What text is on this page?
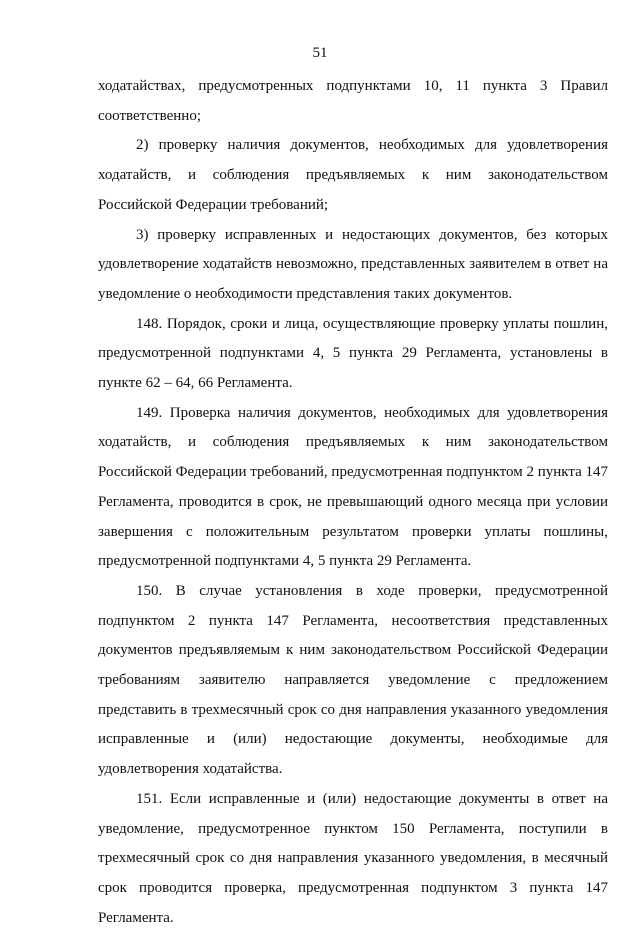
51

ходатайствах, предусмотренных подпунктами 10, 11 пункта 3 Правил соответственно;

2) проверку наличия документов, необходимых для удовлетворения ходатайств, и соблюдения предъявляемых к ним законодательством Российской Федерации требований;

3) проверку исправленных и недостающих документов, без которых удовлетворение ходатайств невозможно, представленных заявителем в ответ на уведомление о необходимости представления таких документов.

148. Порядок, сроки и лица, осуществляющие проверку уплаты пошлин, предусмотренной подпунктами 4, 5 пункта 29 Регламента, установлены в пункте 62 – 64, 66 Регламента.

149. Проверка наличия документов, необходимых для удовлетворения ходатайств, и соблюдения предъявляемых к ним законодательством Российской Федерации требований, предусмотренная подпунктом 2 пункта 147 Регламента, проводится в срок, не превышающий одного месяца при условии завершения с положительным результатом проверки уплаты пошлины, предусмотренной подпунктами 4, 5 пункта 29 Регламента.

150. В случае установления в ходе проверки, предусмотренной подпунктом 2 пункта 147 Регламента, несоответствия представленных документов предъявляемым к ним законодательством Российской Федерации требованиям заявителю направляется уведомление с предложением представить в трехмесячный срок со дня направления указанного уведомления исправленные и (или) недостающие документы, необходимые для удовлетворения ходатайства.

151. Если исправленные и (или) недостающие документы в ответ на уведомление, предусмотренное пунктом 150 Регламента, поступили в трехмесячный срок со дня направления указанного уведомления, в месячный срок проводится проверка, предусмотренная подпунктом 3 пункта 147 Регламента.
